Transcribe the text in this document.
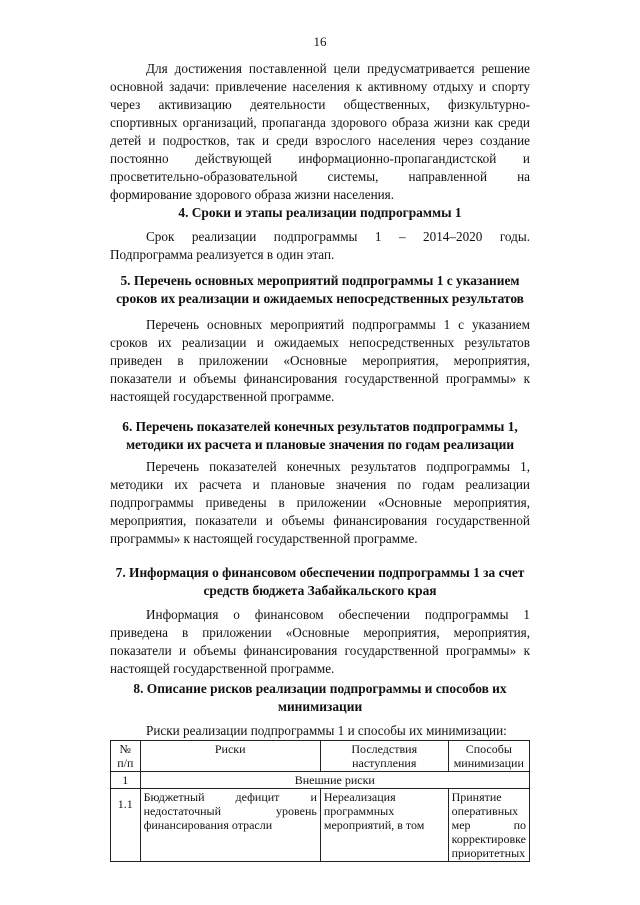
16

Для достижения поставленной цели предусматривается решение основной задачи: привлечение населения к активному отдыху и спорту через активизацию деятельности общественных, физкультурно-спортивных организаций, пропаганда здорового образа жизни как среди детей и подростков, так и среди взрослого населения через создание постоянно действующей информационно-пропагандистской и просветительно-образовательной системы, направленной на формирование здорового образа жизни населения.

4. Сроки и этапы реализации подпрограммы 1

Срок реализации подпрограммы 1 – 2014–2020 годы. Подпрограмма реализуется в один этап.

5. Перечень основных мероприятий подпрограммы 1 с указанием сроков их реализации и ожидаемых непосредственных результатов

Перечень основных мероприятий подпрограммы 1 с указанием сроков их реализации и ожидаемых непосредственных результатов приведен в приложении «Основные мероприятия, мероприятия, показатели и объемы финансирования государственной программы» к настоящей государственной программе.

6. Перечень показателей конечных результатов подпрограммы 1, методики их расчета и плановые значения по годам реализации

Перечень показателей конечных результатов подпрограммы 1, методики их расчета и плановые значения по годам реализации подпрограммы приведены в приложении «Основные мероприятия, мероприятия, показатели и объемы финансирования государственной программы» к настоящей государственной программе.

7. Информация о финансовом обеспечении подпрограммы 1 за счет средств бюджета Забайкальского края

Информация о финансовом обеспечении подпрограммы 1 приведена в приложении «Основные мероприятия, мероприятия, показатели и объемы финансирования государственной программы» к настоящей государственной программе.

8. Описание рисков реализации подпрограммы и способов их минимизации

Риски реализации подпрограммы 1 и способы их минимизации:

№ п/п	Риски	Последствия наступления	Способы минимизации
1	Внешние риски		
1.1	Бюджетный дефицит и недостаточный уровень финансирования отрасли	Нереализация программных мероприятий, в том	Принятие оперативных мер по корректировке приоритетных
